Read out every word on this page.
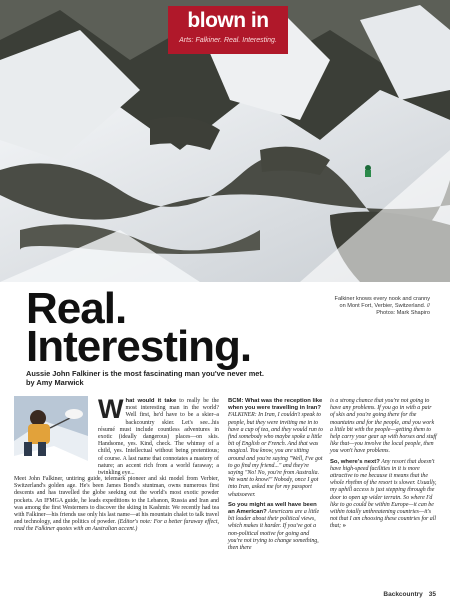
blown in
Arts: Falkiner. Real. Interesting.
Real.
Interesting.
Falkiner knows every nook and cranny on Mont Fort, Verbier, Switzerland. // Photos: Mark Shapiro
Aussie John Falkiner is the most fascinating man you've never met.
by Amy Marwick
What would it take to really be the most interesting man in the world? Well first, he'd have to be a skier–a backcountry skier. Let's see...his résumé must include countless adventures in exotic (ideally dangerous) places—on skis. Handsome, yes. Kind, check. The whimsy of a child, yes. Intellectual without being pretentious; of course. A last name that connotates a mastery of nature; an accent rich from a world faraway; a twinkling eye...
Meet John Falkiner, untiring guide, telemark pioneer and ski model from Verbier, Switzerland's golden age. He's been James Bond's stuntman, owns numerous first descents and has travelled the globe seeking out the world's most exotic powder pockets. An IFMGA guide, he leads expeditions to the Lebanon, Russia and Iran and was among the first Westerners to discover the skiing in Kashmir. We recently had tea with Falkiner—his friends use only his last name—at his mountain chalet to talk travel and technology, and the politics of powder. (Editor's note: For a better faraway effect, read the Falkiner quotes with an Australian accent.)

BCM: What was the reception like when you were travelling in Iran? FALKINER: In Iran, I couldn't speak to people, but they were inviting me in to have a cup of tea, and they would run to find somebody who maybe spoke a little bit of English or French. And that was magical. You know, you are sitting around and you're saying "Well, I've got to go find my friend..." and they're saying "No! No, you're from Australia. We want to know!" Nobody, once I got into Iran, asked me for my passport whatsoever.

So you might as well have been an American? Americans are a little bit louder about their political views, which makes it harder. If you've got a non-political motive for going and you're not trying to change something, then there

is a strong chance that you're not going to have any problems. If you go in with a pair of skis and you're going there for the mountains and for the people, and you work a little bit with the people—getting them to help carry your gear up with horses and stuff like that—you involve the local people, then you won't have problems.

So, where's next? Any resort that doesn't have high-speed facilities in it is more attractive to me because it means that the whole rhythm of the resort is slower. Usually, my uphill access is just stepping through the door to open up wider terrain. So where I'd like to go could be within Europe—it can be within totally unthreatening countries—it's not that I am choosing these countries for all that; »

Backcountry 35
